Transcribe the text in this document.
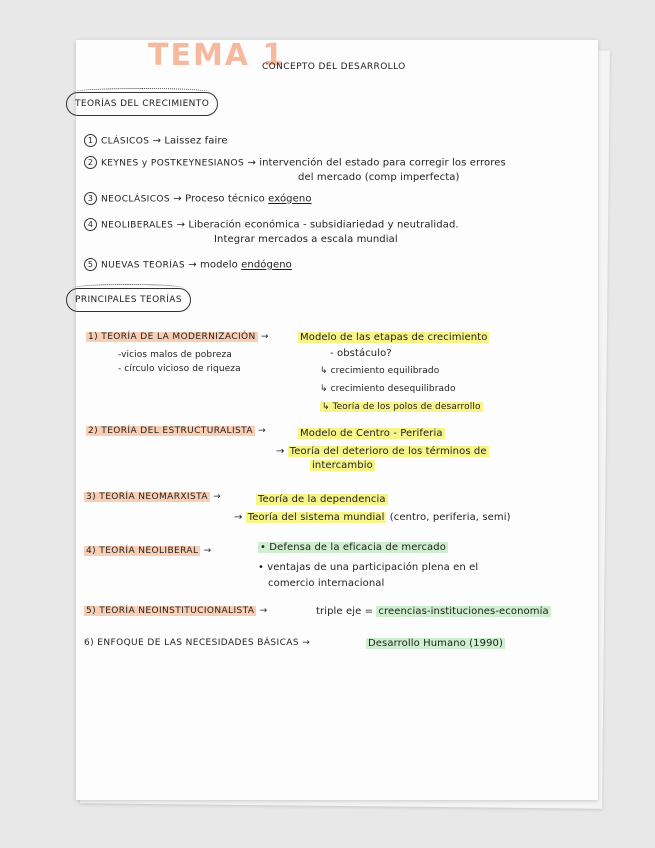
TEMA 1
CONCEPTO DEL DESARROLLO
TEORÍAS DEL CRECIMIENTO
1 CLÁSICOS → Laissez faire
2 KEYNES y POSTKEYNESIANOS → intervención del estado para corregir los errores
del mercado (comp imperfecta)
3 NEOCLÁSICOS → Proceso técnico exógeno
4 NEOLIBERALES → Liberación económica - subsidiariedad y neutralidad.
Integrar mercados a escala mundial
5 NUEVAS TEORÍAS → modelo endógeno
PRINCIPALES TEORÍAS
1) TEORÍA DE LA MODERNIZACIÓN →	Modelo de las etapas de crecimiento
-vicios malos de pobreza
- círculo vicioso de riqueza
- obstáculo?
↳ crecimiento equilibrado
↳ crecimiento desequilibrado
↳ Teoría de los polos de desarrollo
2) TEORÍA DEL ESTRUCTURALISTA →	Modelo de Centro - Periferia
→ Teoría del deterioro de los términos de
intercambio
3) TEORÍA NEOMARXISTA →	Teoría de la dependencia
→ Teoría del sistema mundial (centro, periferia, semi)
4) TEORÍA NEOLIBERAL →	• Defensa de la eficacia de mercado
• ventajas de una participación plena en el
comercio internacional
5) TEORÍA NEOINSTITUCIONALISTA →	triple eje = creencias-instituciones-economía
6) ENFOQUE DE LAS NECESIDADES BÁSICAS →	Desarrollo Humano (1990)
